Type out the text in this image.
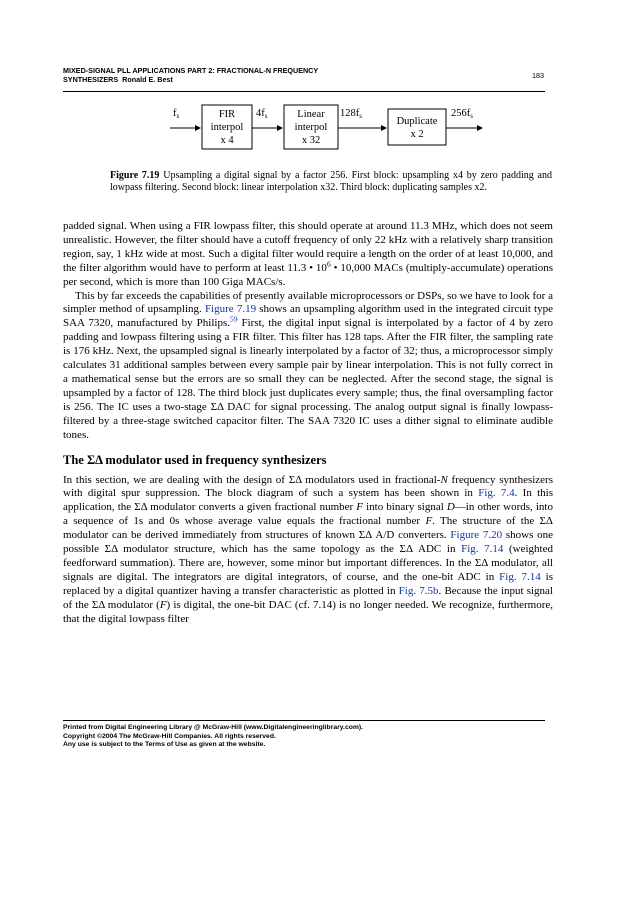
MIXED-SIGNAL PLL APPLICATIONS PART 2: FRACTIONAL-N FREQUENCY
SYNTHESIZERS Ronald E. Best	183
fs	FIR
interpol
x 4
4fs	Linear
interpol
x 32
128fs	Duplicate
x 2
256fs
Figure 7.19 Upsampling a digital signal by a factor 256. First block: upsampling x4 by zero padding and lowpass filtering. Second block: linear interpolation x32. Third block: duplicating samples x2.

padded signal. When using a FIR lowpass filter, this should operate at around 11.3 MHz, which does not seem unrealistic. However, the filter should have a cutoff frequency of only 22 kHz with a relatively sharp transition region, say, 1 kHz wide at most. Such a digital filter would require a length on the order of at least 10,000, and the filter algorithm would have to perform at least 11.3 • $10^6$ • 10,000 MACs (multiply-accumulate) operations per second, which is more than 100 Giga MACs/s.

This by far exceeds the capabilities of presently available microprocessors or DSPs, so we have to look for a simpler method of upsampling. Figure 7.19 shows an upsampling algorithm used in the integrated circuit type SAA 7320, manufactured by Philips.$^{59}$ First, the digital input signal is interpolated by a factor of 4 by zero padding and lowpass filtering using a FIR filter. This filter has 128 taps. After the FIR filter, the sampling rate is 176 kHz. Next, the upsampled signal is linearly interpolated by a factor of 32; thus, a microprocessor simply calculates 31 additional samples between every sample pair by linear interpolation. This is not fully correct in a mathematical sense but the errors are so small they can be neglected. After the second stage, the signal is upsampled by a factor of 128. The third block just duplicates every sample; thus, the final oversampling factor is 256. The IC uses a two-stage ΣΔ DAC for signal processing. The analog output signal is finally lowpass-filtered by a three-stage switched capacitor filter. The SAA 7320 IC uses a dither signal to eliminate audible tones.

The ΣΔ modulator used in frequency synthesizers

In this section, we are dealing with the design of ΣΔ modulators used in fractional-N frequency synthesizers with digital spur suppression. The block diagram of such a system has been shown in Fig. 7.4. In this application, the ΣΔ modulator converts a given fractional number F into binary signal D—in other words, into a sequence of 1s and 0s whose average value equals the fractional number F. The structure of the ΣΔ modulator can be derived immediately from structures of known ΣΔ A/D converters. Figure 7.20 shows one possible ΣΔ modulator structure, which has the same topology as the ΣΔ ADC in Fig. 7.14 (weighted feedforward summation). There are, however, some minor but important differences. In the ΣΔ modulator, all signals are digital. The integrators are digital integrators, of course, and the one-bit ADC in Fig. 7.14 is replaced by a digital quantizer having a transfer characteristic as plotted in Fig. 7.5b. Because the input signal of the ΣΔ modulator (F) is digital, the one-bit DAC (cf. 7.14) is no longer needed. We recognize, furthermore, that the digital lowpass filter

Printed from Digital Engineering Library @ McGraw-Hill (www.Digitalengineeringlibrary.com).
Copyright ©2004 The McGraw-Hill Companies. All rights reserved.
Any use is subject to the Terms of Use as given at the website.
